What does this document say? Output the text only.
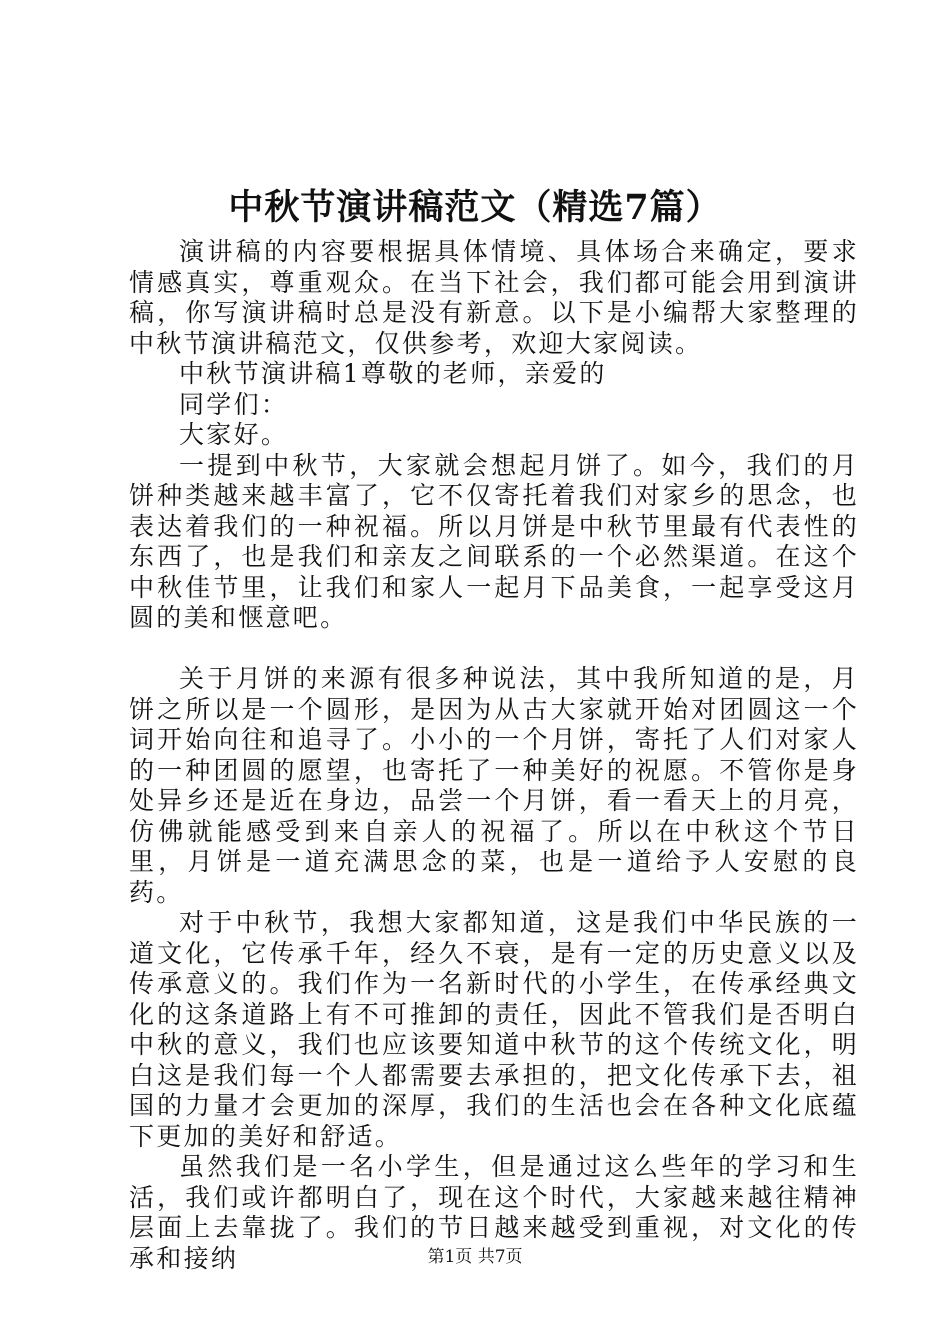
中秋节演讲稿范文（精选7篇）

演讲稿的内容要根据具体情境、具体场合来确定，要求情感真实，尊重观众。在当下社会，我们都可能会用到演讲稿，你写演讲稿时总是没有新意。以下是小编帮大家整理的中秋节演讲稿范文，仅供参考，欢迎大家阅读。

中秋节演讲稿1尊敬的老师，亲爱的

同学们：

大家好。

一提到中秋节，大家就会想起月饼了。如今，我们的月饼种类越来越丰富了，它不仅寄托着我们对家乡的思念，也表达着我们的一种祝福。所以月饼是中秋节里最有代表性的东西了，也是我们和亲友之间联系的一个必然渠道。在这个中秋佳节里，让我们和家人一起月下品美食，一起享受这月圆的美和惬意吧。

关于月饼的来源有很多种说法，其中我所知道的是，月饼之所以是一个圆形，是因为从古大家就开始对团圆这一个词开始向往和追寻了。小小的一个月饼，寄托了人们对家人的一种团圆的愿望，也寄托了一种美好的祝愿。不管你是身处异乡还是近在身边，品尝一个月饼，看一看天上的月亮，仿佛就能感受到来自亲人的祝福了。所以在中秋这个节日里，月饼是一道充满思念的菜，也是一道给予人安慰的良药。

对于中秋节，我想大家都知道，这是我们中华民族的一道文化，它传承千年，经久不衰，是有一定的历史意义以及传承意义的。我们作为一名新时代的小学生，在传承经典文化的这条道路上有不可推卸的责任，因此不管我们是否明白中秋的意义，我们也应该要知道中秋节的这个传统文化，明白这是我们每一个人都需要去承担的，把文化传承下去，祖国的力量才会更加的深厚，我们的生活也会在各种文化底蕴下更加的美好和舒适。

虽然我们是一名小学生，但是通过这么些年的学习和生活，我们或许都明白了，现在这个时代，大家越来越往精神层面上去靠拢了。我们的节日越来越受到重视，对文化的传承和接纳	第1页 共7页
